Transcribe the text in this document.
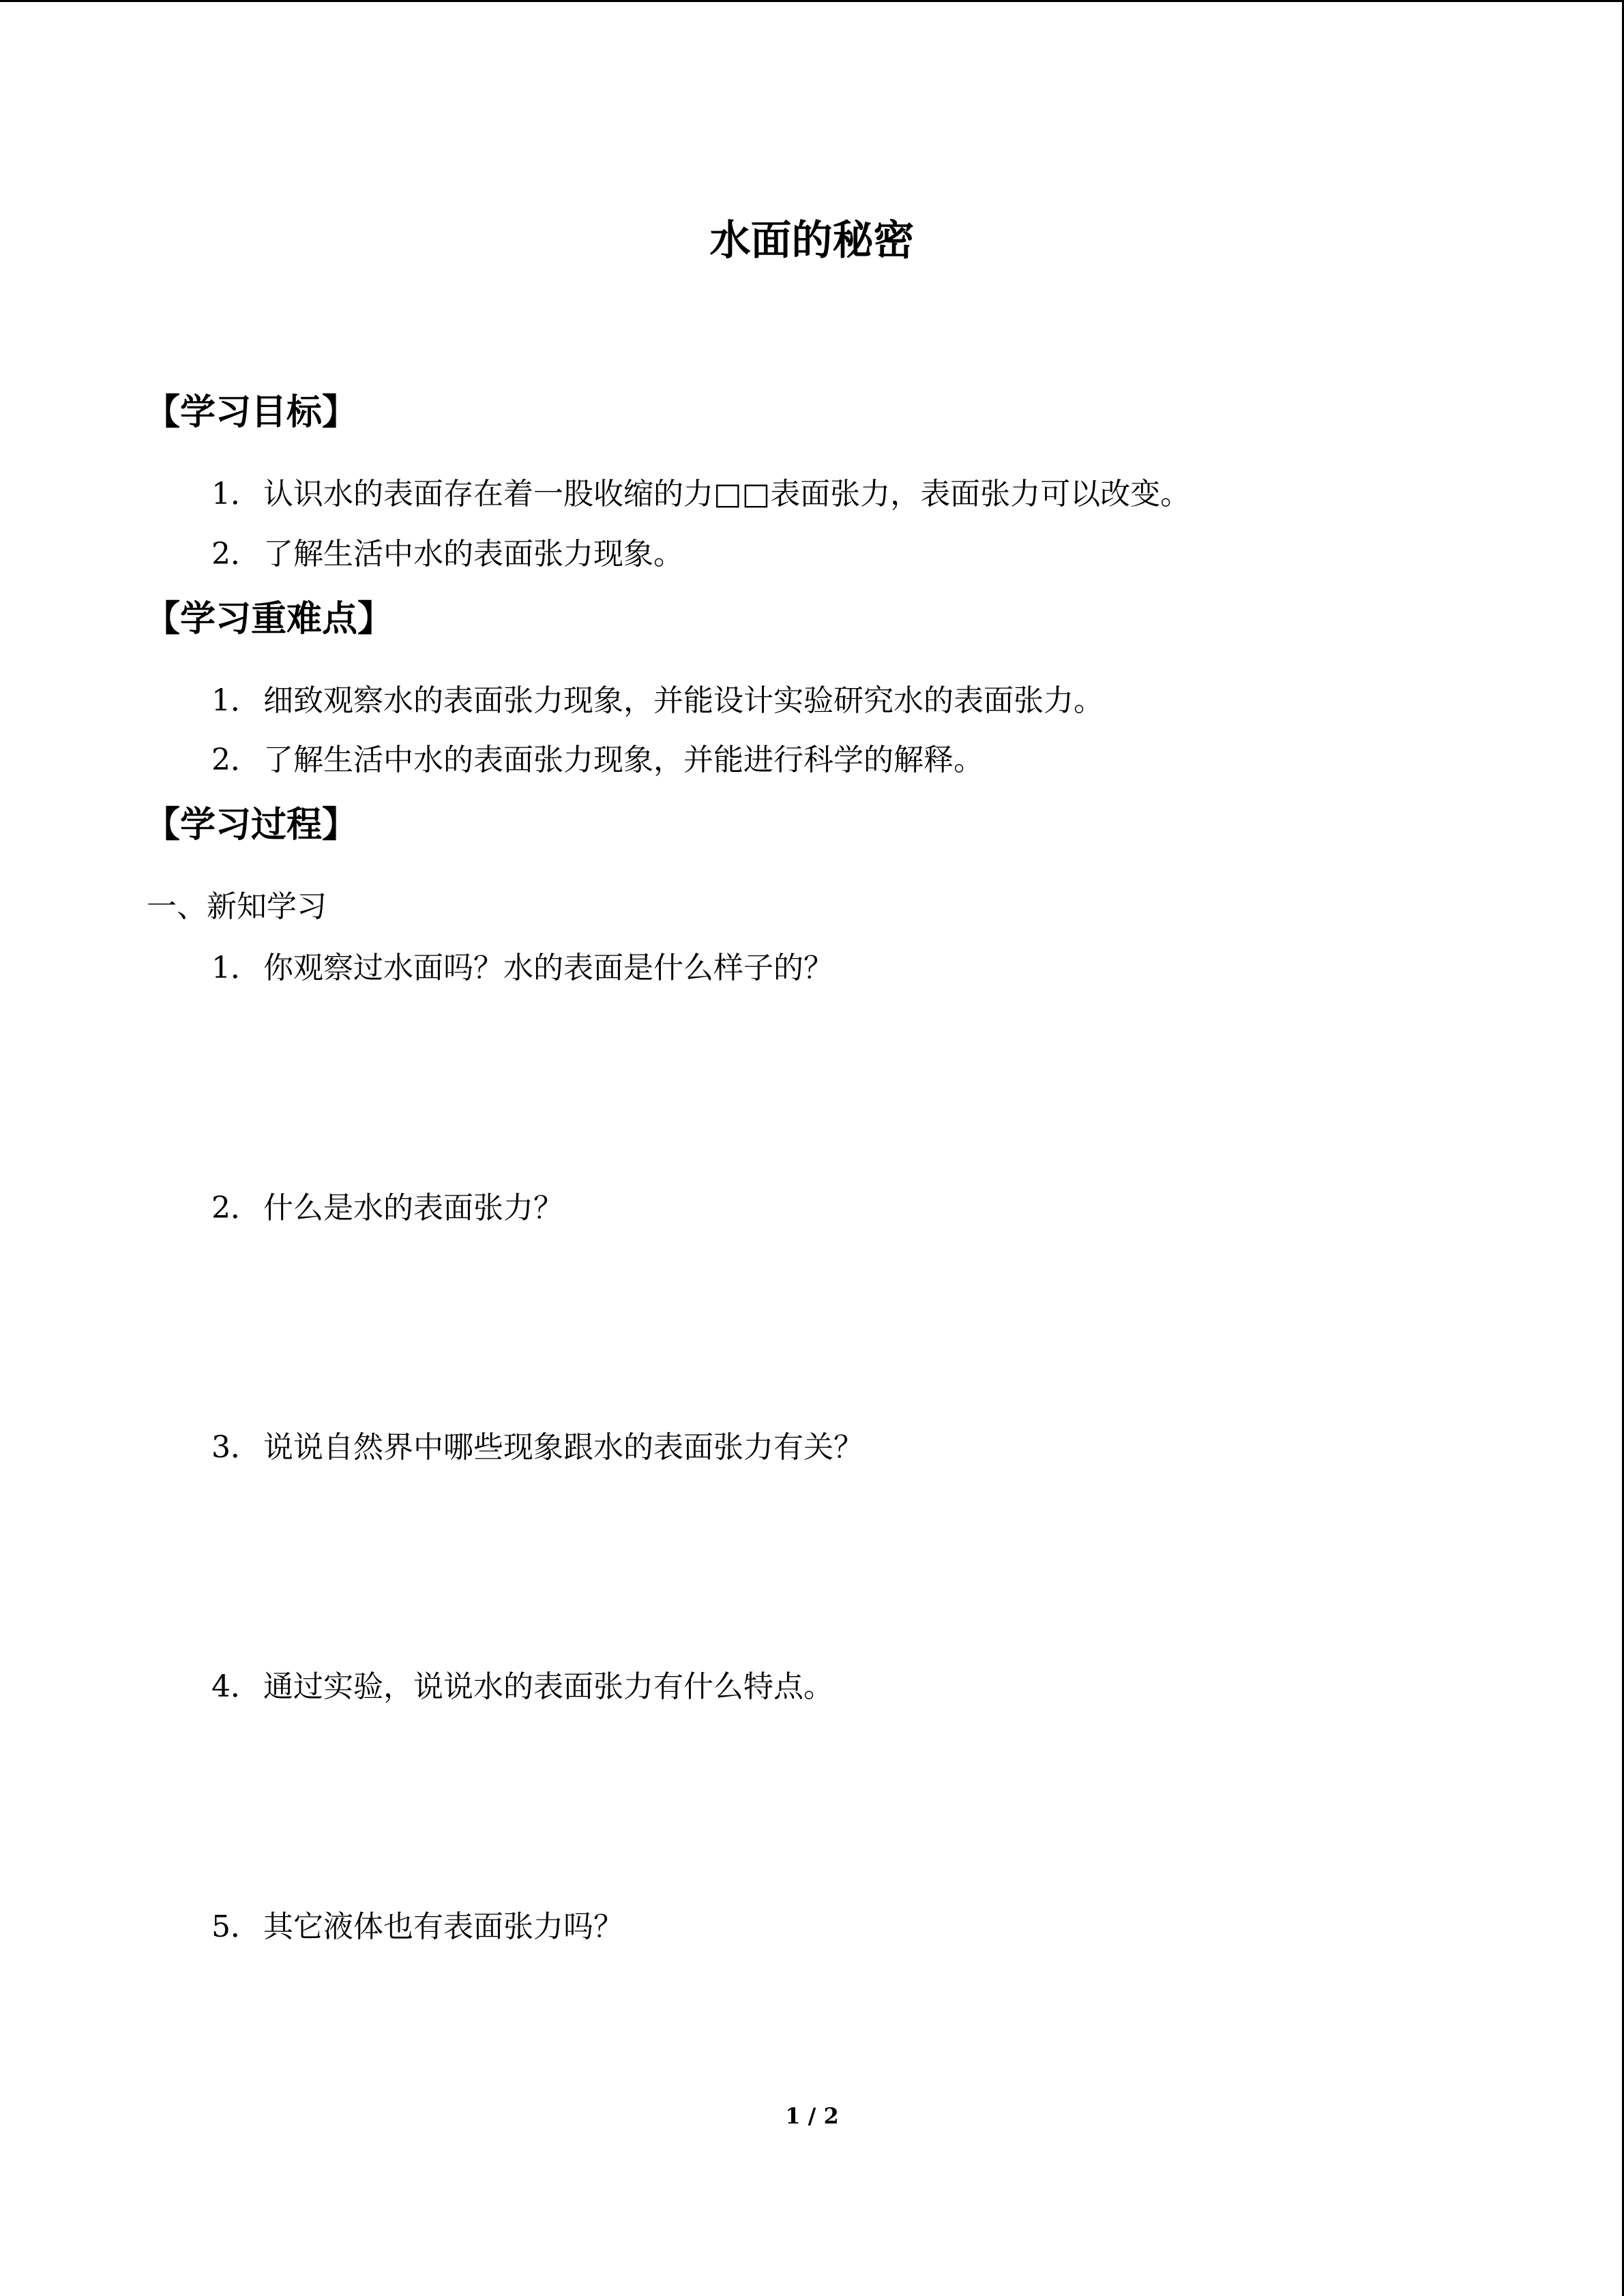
水面的秘密
【学习目标】
1．认识水的表面存在着一股收缩的力□□表面张力，表面张力可以改变。
2．了解生活中水的表面张力现象。
【学习重难点】
1．细致观察水的表面张力现象，并能设计实验研究水的表面张力。
2．了解生活中水的表面张力现象，并能进行科学的解释。
【学习过程】
一、新知学习
1．你观察过水面吗？水的表面是什么样子的？
2．什么是水的表面张力？
3．说说自然界中哪些现象跟水的表面张力有关？
4．通过实验，说说水的表面张力有什么特点。
5．其它液体也有表面张力吗？
1 / 2
